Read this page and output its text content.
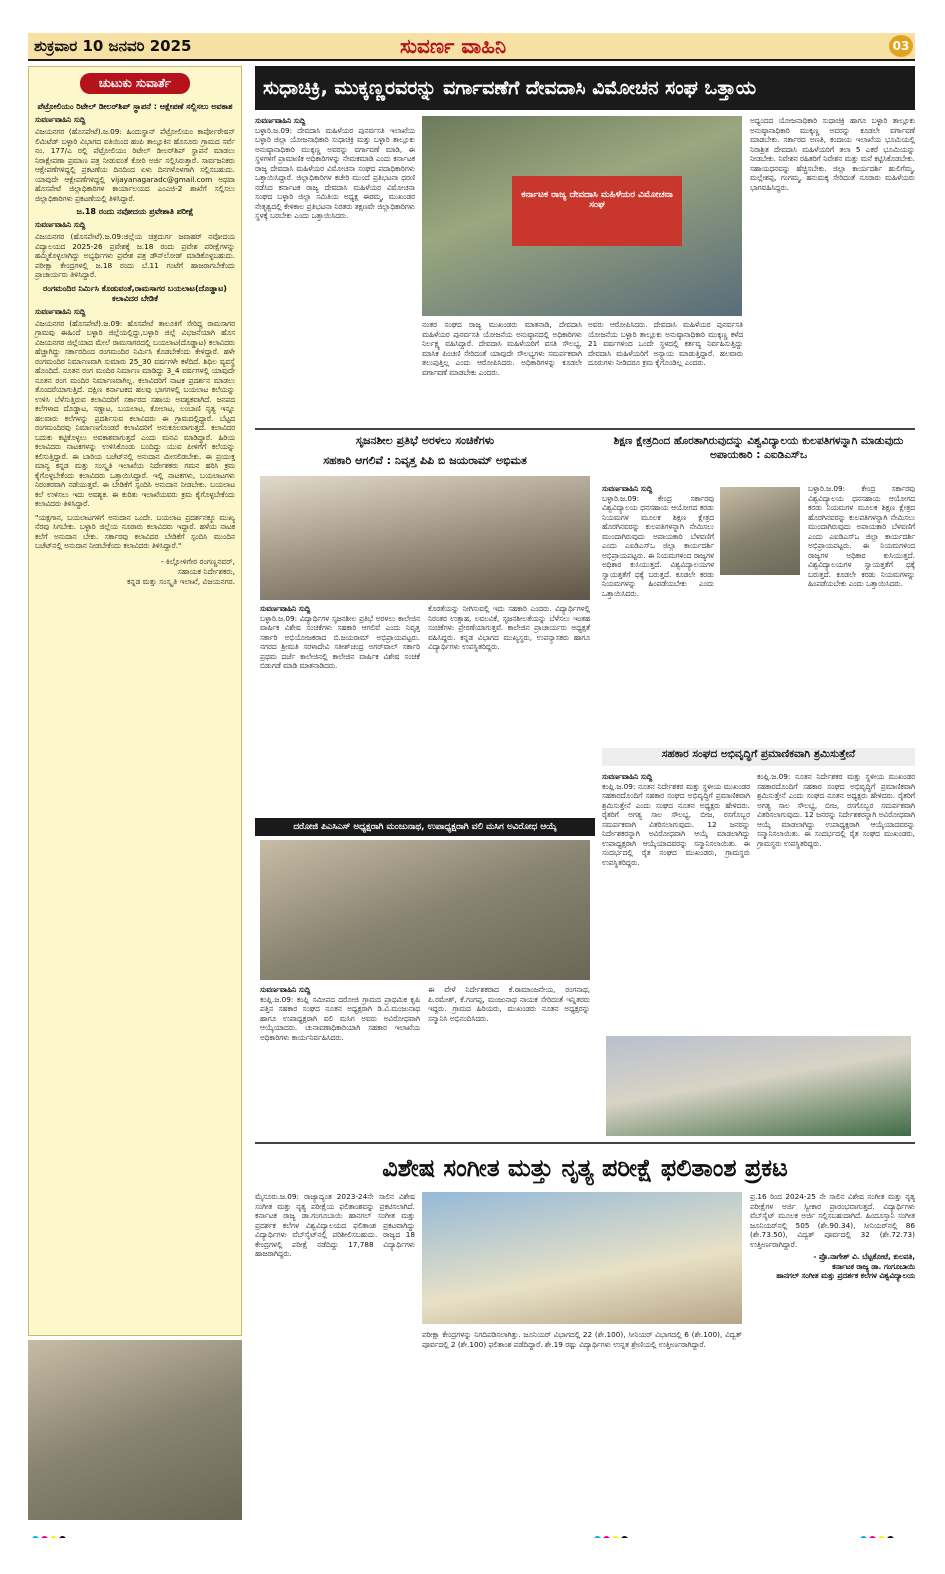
ಶುಕ್ರವಾರ 10 ಜನವರಿ 2025	ಸುವರ್ಣ ವಾಹಿನಿ	03
ಚುಟುಕು ಸುವಾರ್ತೆ
ಪೆಟ್ರೋಲಿಯಂ ರಿಟೇಲ್ ಡೀಲರ್‌ಶಿಪ್ ಸ್ಥಾಪನೆ : ಆಕ್ಷೇಪಣೆ ಸಲ್ಲಿಸಲು ಅವಕಾಶ
ಸುವರ್ಣವಾಹಿನಿ ಸುದ್ದಿ

ವಿಜಯನಗರ (ಹೊಸಪೇಟೆ).ಜ.09: ಹಿಂದುಸ್ಥಾನ್ ಪೆಟ್ರೋಲಿಯಂ ಕಾರ್ಪೋರೇಷನ್ ಲಿಮಿಟೆಡ್ ಬಳ್ಳಾರಿ ವಿಭಾಗದ ವತಿಯಿಂದ ಹಂಪಿ ತಾಲ್ಲೂಕಿನ ಹೊಸೂರು ಗ್ರಾಮದ ಸರ್ವೆ ನಂ. 177/ಎ ರಲ್ಲಿ ಪೆಟ್ರೋಲಿಯಂ ರಿಟೇಲ್ ಡೀಲರ್‌ಶಿಪ್ ಸ್ಥಾಪನೆ ಮಾಡಲು ನಿರಾಕ್ಷೇಪಣಾ ಪ್ರಮಾಣ ಪತ್ರ ನೀಡುವಂತೆ ಕೋರಿ ಅರ್ಜಿ ಸಲ್ಲಿಸಿರುತ್ತಾರೆ. ಸಾರ್ವಜನಿಕರು ಆಕ್ಷೇಪಣೆಗಳಿದ್ದಲ್ಲಿ ಪ್ರಕಟಣೆಯ ದಿನದಿಂದ ಏಳು ದಿನಗಳೊಳಗಾಗಿ ಸಲ್ಲಿಸಬಹುದು. ಯಾವುದೇ ಆಕ್ಷೇಪಣೆಗಳಿದ್ದಲ್ಲಿ vijayanagaradc@gmail.com ಅಥವಾ ಹೊಸಪೇಟೆ ಜಿಲ್ಲಾಧಿಕಾರಿಗಳ ಕಾರ್ಯಾಲಯದ ಎಂಎಜಿ-2 ಶಾಖೆಗೆ ಸಲ್ಲಿಸಲು ಜಿಲ್ಲಾಧಿಕಾರಿಗಳು ಪ್ರಕಟಣೆಯಲ್ಲಿ ತಿಳಿಸಿದ್ದಾರೆ.

ಜ.18 ರಂದು ನವೋದಯ ಪ್ರವೇಶಾತಿ ಪರೀಕ್ಷೆ
ಸುವರ್ಣವಾಹಿನಿ ಸುದ್ದಿ

ವಿಜಯನಗರ (ಹೊಸಪೇಟೆ).ಜ.09:ಜಿಲ್ಲೆಯ ಚಿತ್ರದುರ್ಗ ಜವಾಹರ್ ನವೋದಯ ವಿದ್ಯಾಲಯದ 2025-26 ಪ್ರವೇಶಕ್ಕೆ ಜ.18 ರಂದು ಪ್ರವೇಶ ಪರೀಕ್ಷೆಗಳನ್ನು ಹಮ್ಮಿಕೊಳ್ಳಲಾಗಿದ್ದು ಅಭ್ಯರ್ಥಿಗಳು ಪ್ರವೇಶ ಪತ್ರ ಡೌನ್‌ಲೋಡ್ ಮಾಡಿಕೊಳ್ಳಬಹುದು. ಪರೀಕ್ಷಾ ಕೇಂದ್ರಗಳಲ್ಲಿ ಜ.18 ರಂದು ಬೆ.11 ಗಂಟೆಗೆ ಹಾಜರಾಗಬೇಕೆಂದು ಪ್ರಾಚಾರ್ಯರು ತಿಳಿಸಿದ್ದಾರೆ.

ರಂಗಮಂದಿರ ನಿರ್ಮಿಸಿ ಕೊಡುವಂತೆ,ರಾಮಸಾಗರ ಬಯಲಾಟ(ದೊಡ್ಡಾಟ) ಕಲಾವಿದರ ಬೇಡಿಕೆ
ಸುವರ್ಣವಾಹಿನಿ ಸುದ್ದಿ

ವಿಜಯನಗರ (ಹೊಸಪೇಟೆ).ಜ.09: ಹೊಸಪೇಟೆ ತಾಲೂಕಿಗೆ ಸೇರಿದ್ದ ರಾಮಸಾಗರ ಗ್ರಾಮವು ಈಹಿಂದೆ ಬಳ್ಳಾರಿ ಜಿಲ್ಲೆಯಲ್ಲಿದ್ದು,ಬಳ್ಳಾರಿ ಜಿಲ್ಲೆ ವಿಭಜನೆಯಾಗಿ ಹೊಸ ವಿಜಯನಗರ ಜಿಲ್ಲೆಯಾದ ಮೇಲೆ ರಾಮಸಾಗರದಲ್ಲಿ ಬಯಲಾಟ(ದೊಡ್ಡಾಟ) ಕಲಾವಿದರು ಹೆಚ್ಚಾಗಿದ್ದು ಸರ್ಕಾರದಿಂದ ರಂಗಮಂದಿರ ನಿರ್ಮಿಸಿ ಕೊಡಬೇಕೆಂದು ಕೇಳಿದ್ದಾರೆ. ಹಳೇ ರಂಗಮಂದಿರ ನಿರ್ಮಾಣವಾಗಿ ಸುಮಾರು 25_30 ವರ್ಷಗಳೇ ಕಳೆದಿದೆ. ಶಿಥಿಲ ವ್ಯವಸ್ಥೆ ಹೊಂದಿದೆ. ನೂತನ ರಂಗ ಮಂದಿರ ನಿರ್ಮಾಣ ಮಾಡಿದ್ದು 3_4 ವರ್ಷಗಳಲ್ಲಿ ಯಾವುದೇ ನೂತನ ರಂಗ ಮಂದಿರ ನಿರ್ಮಾಣವಾಗಿಲ್ಲ. ಕಲಾವಿದರಿಗೆ ನಾಟಕ ಪ್ರದರ್ಶನ ಮಾಡಲು ತೊಂದರೆಯಾಗುತ್ತಿದೆ. ದಕ್ಷಿಣ ಕರ್ನಾಟಕದ ಹಲವು ಭಾಗಗಳಲ್ಲಿ ಬಯಲಾಟ ಕಲೆಯನ್ನು ಉಳಿಸಿ ಬೆಳೆಸುತ್ತಿರುವ ಕಲಾವಿದರಿಗೆ ಸರ್ಕಾರದ ಸಹಾಯ ಅವಶ್ಯಕವಾಗಿದೆ. ಜನಪದ ಕಲೆಗಳಾದ ದೊಡ್ಡಾಟ, ಸಣ್ಣಾಟ, ಬಯಲಾಟ, ಕೋಲಾಟ, ಲಂಬಾಣಿ ನೃತ್ಯ ಇನ್ನೂ ಹಲವಾರು ಕಲೆಗಳನ್ನು ಪ್ರದರ್ಶಿಸುವ ಕಲಾವಿದರು ಈ ಗ್ರಾಮದಲ್ಲಿದ್ದಾರೆ. ಬೆಟ್ಟದ ರಂಗಮಂದಿರವು ನಿರ್ಮಾಣಗೊಂಡರೆ ಕಲಾವಿದರಿಗೆ ಅನುಕೂಲವಾಗುತ್ತದೆ. ಕಲಾವಿದರ ಬದುಕು ಕಟ್ಟಿಕೊಳ್ಳಲು ಅವಕಾಶವಾಗುತ್ತದೆ ಎಂದು ಮನವಿ ಮಾಡಿದ್ದಾರೆ. ಹಿರಿಯ ಕಲಾವಿದರು ನಾಟಕಗಳನ್ನು ಉಳಿಸಿಕೊಂಡು ಬಂದಿದ್ದು ಯುವ ಪೀಳಿಗೆಗೆ ಕಲೆಯನ್ನು ಕಲಿಸುತ್ತಿದ್ದಾರೆ. ಈ ಬಾರಿಯ ಬಜೆಟ್‌ನಲ್ಲಿ ಅನುದಾನ ಮೀಸಲಿಡಬೇಕು. ಈ ಪ್ರಯುಕ್ತ ಮಾನ್ಯ ಕನ್ನಡ ಮತ್ತು ಸಂಸ್ಕೃತಿ ಇಲಾಖೆಯ ನಿರ್ದೇಶಕರು ಗಮನ ಹರಿಸಿ ಕ್ರಮ ಕೈಗೊಳ್ಳಬೇಕೆಂದು ಕಲಾವಿದರು ಒತ್ತಾಯಿಸಿದ್ದಾರೆ. ಇಲ್ಲಿ ನಾಟಕಗಳು, ಬಯಲಾಟಗಳು ನಿರಂತರವಾಗಿ ನಡೆಯುತ್ತವೆ. ಈ ಬೇಡಿಕೆಗೆ ಸ್ಪಂದಿಸಿ ಅನುದಾನ ನೀಡಬೇಕು. ಬಯಲಾಟ ಕಲೆ ಉಳಿಸಲು ಇದು ಅವಶ್ಯಕ. ಈ ಕುರಿತು ಇಲಾಖೆಯವರು ಕ್ರಮ ಕೈಗೊಳ್ಳಬೇಕೆಂದು ಕಲಾವಿದರು ತಿಳಿಸಿದ್ದಾರೆ.

"ಯಕ್ಷಗಾನ, ಬಯಲಾಟಗಳಿಗೆ ಅನುದಾನ ಒಂದೇ. ಬಯಲಾಟ ಪ್ರದರ್ಶನಕ್ಕೂ ಮುಖ್ಯ ನೆರವು ಸಿಗಬೇಕು. ಬಳ್ಳಾರಿ ಜಿಲ್ಲೆಯ ನೂರಾರು ಕಲಾವಿದರು ಇದ್ದಾರೆ. ಹಳೆಯ ನಾಟಕ ಕಲೆಗೆ ಅನುದಾನ ಬೇಕು. ಸರ್ಕಾರವು ಕಲಾವಿದರ ಬೇಡಿಕೆಗೆ ಸ್ಪಂದಿಸಿ ಮುಂದಿನ ಬಜೆಟ್‌ನಲ್ಲಿ ಅನುದಾನ ನೀಡಬೇಕೆಂದು ಕಲಾವಿದರು ತಿಳಿಸಿದ್ದಾರೆ."

- ಕಿಲ್ಲೋಳಿಗೇರ ರಂಗಣ್ಣನವರ್,
ಸಹಾಯಕ ನಿರ್ದೇಶಕರು,
ಕನ್ನಡ ಮತ್ತು ಸಂಸ್ಕೃತಿ ಇಲಾಖೆ, ವಿಜಯನಗರ.
ಸುಧಾಚಿಕ್ರಿ, ಮುಕ್ಕಣ್ಣರವರನ್ನು ವರ್ಗಾವಣೆಗೆ ದೇವದಾಸಿ ವಿಮೋಚನ ಸಂಘ ಒತ್ತಾಯ
ಸುವರ್ಣವಾಹಿನಿ ಸುದ್ದಿ
ಬಳ್ಳಾರಿ.ಜ.09: ದೇವದಾಸಿ ಮಹಿಳೆಯರ ಪುನರ್ವಸತಿ ಇಲಾಖೆಯ ಬಳ್ಳಾರಿ ಜಿಲ್ಲಾ ಯೋಜನಾಧಿಕಾರಿ ಸುಧಾಚಿಕ್ರಿ ಮತ್ತು ಬಳ್ಳಾರಿ ತಾಲ್ಲೂಕು ಅನುಷ್ಠಾನಾಧಿಕಾರಿ ಮುಕ್ಕಣ್ಣ ಅವರನ್ನು ವರ್ಗಾವಣೆ ಮಾಡಿ, ಈ ಸ್ಥಳಗಳಿಗೆ ಪ್ರಾಮಾಣಿಕ ಅಧಿಕಾರಿಗಳನ್ನು ನೇಮಕಮಾಡಿ ಎಂದು ಕರ್ನಾಟಕ ರಾಜ್ಯ ದೇವದಾಸಿ ಮಹಿಳೆಯರ ವಿಮೋಚನಾ ಸಂಘದ ಪದಾಧಿಕಾರಿಗಳು ಒತ್ತಾಯಿಸಿದ್ದಾರೆ. ಜಿಲ್ಲಾಧಿಕಾರಿಗಳ ಕಚೇರಿ ಮುಂದೆ ಪ್ರತಿಭಟನಾ ಧರಣಿ ನಡೆಸಿದ ಕರ್ನಾಟಕ ರಾಜ್ಯ ದೇವದಾಸಿ ಮಹಿಳೆಯರ ವಿಮೋಚನಾ ಸಂಘದ ಬಳ್ಳಾರಿ ಜಿಲ್ಲಾ ಸಮಿತಿಯ ಅಧ್ಯಕ್ಷ ಈರಮ್ಮ, ಮುಖಂಡರ ನೇತೃತ್ವದಲ್ಲಿ ಕೇಳಿಕಾಲ ಪ್ರತಿಭಟನಾ ನಿರತರು ತಕ್ಷಣವೇ ಜಿಲ್ಲಾಧಿಕಾರಿಗಳು ಸ್ಥಳಕ್ಕೆ ಬರಬೇಕು ಎಂದು ಒತ್ತಾಯಿಸಿದರು.
ಕರ್ನಾಟಕ ರಾಜ್ಯ ದೇವದಾಸಿ ಮಹಿಳೆಯರ ವಿಮೋಚನಾ ಸಂಘ
ನಂತರ ಸಂಘದ ರಾಜ್ಯ ಮುಖಂಡರು ಮಾತನಾಡಿ, ದೇವದಾಸಿ ಮಹಿಳೆಯರ ಪುನರ್ವಸತಿ ಯೋಜನೆಯ ಅನುಷ್ಠಾನದಲ್ಲಿ ಅಧಿಕಾರಿಗಳು ನಿರ್ಲಕ್ಷ್ಯ ವಹಿಸಿದ್ದಾರೆ. ದೇವದಾಸಿ ಮಹಿಳೆಯರಿಗೆ ವಸತಿ ಸೌಲಭ್ಯ, ಮಾಸಿಕ ಪಿಂಚಣಿ ಸೇರಿದಂತೆ ಯಾವುದೇ ಸೌಲಭ್ಯಗಳು ಸಮರ್ಪಕವಾಗಿ ತಲುಪುತ್ತಿಲ್ಲ ಎಂದು ಆರೋಪಿಸಿದರು. ಅಧಿಕಾರಿಗಳನ್ನು ಕೂಡಲೇ ವರ್ಗಾವಣೆ ಮಾಡಬೇಕು ಎಂದರು.
ಅವರು ಆರೋಪಿಸಿದರು. ದೇವದಾಸಿ ಮಹಿಳೆಯರ ಪುನರ್ವಸತಿ ಯೋಜನೆಯ ಬಳ್ಳಾರಿ ತಾಲ್ಲೂಕು ಅನುಷ್ಠಾನಾಧಿಕಾರಿ ಮುಕ್ಕಣ್ಣ ಕಳೆದ 21 ವರ್ಷಗಳಿಂದ ಒಂದೇ ಸ್ಥಳದಲ್ಲಿ ಕರ್ತವ್ಯ ನಿರ್ವಹಿಸುತ್ತಿದ್ದು ದೇವದಾಸಿ ಮಹಿಳೆಯರಿಗೆ ಅನ್ಯಾಯ ಮಾಡುತ್ತಿದ್ದಾರೆ. ಹಲವಾರು ದೂರುಗಳು ನೀಡಿದರೂ ಕ್ರಮ ಕೈಗೊಂಡಿಲ್ಲ ಎಂದರು.
ಅಧ್ಯಂದದ ಯೋಜನಾಧಿಕಾರಿ ಸುಧಾಚಿಕ್ರಿ ಹಾಗೂ ಬಳ್ಳಾರಿ ತಾಲ್ಲೂಕು ಅನುಷ್ಠಾನಾಧಿಕಾರಿ ಮುಕ್ಕಣ್ಣ ಅವರನ್ನು ಕೂಡಲೇ ವರ್ಗಾವಣೆ ಮಾಡಬೇಕು. ಸರ್ಕಾರದ ಅಣತಿ, ಕಂದಾಯ ಇಲಾಖೆಯ ಭೂಮಿಯಲ್ಲಿ ನಿರಾಶ್ರಿತ ದೇವದಾಸಿ ಮಹಿಳೆಯರಿಗೆ ತಲಾ 5 ಎಕರೆ ಭೂಮಿಯನ್ನು ನೀಡಬೇಕು. ನಿವೇಶನ ರಹಿತರಿಗೆ ನಿವೇಶನ ಮತ್ತು ಮನೆ ಕಟ್ಟಿಸಿಕೊಡಬೇಕು. ಸಹಾಯಧನವನ್ನು ಹೆಚ್ಚಿಸಬೇಕು. ಜಿಲ್ಲಾ ಕಾರ್ಯದರ್ಶಿ ಹುಲಿಗೆಮ್ಮ, ಮಲ್ಲೇಶಪ್ಪ, ಗಂಗಮ್ಮ, ಹನುಮಕ್ಕ ಸೇರಿದಂತೆ ನೂರಾರು ಮಹಿಳೆಯರು ಭಾಗವಹಿಸಿದ್ದರು.
ಸೃಜನಶೀಲ ಪ್ರತಿಭೆ ಅರಳಲು ಸಂಚಿಕೆಗಳು
ಸಹಕಾರಿ ಆಗಲಿವೆ : ನಿವೃತ್ತ ಪಿಪಿ ಬಿ ಜಯರಾಮ್ ಅಭಿಮತ
ಸುವರ್ಣವಾಹಿನಿ ಸುದ್ದಿ
ಬಳ್ಳಾರಿ.ಜ.09: ವಿದ್ಯಾರ್ಥಿಗಳ ಸೃಜನಶೀಲ ಪ್ರತಿಭೆ ಅರಳಲು ಕಾಲೇಜಿನ ವಾರ್ಷಿಕ ವಿಶೇಷ ಸಂಚಿಕೆಗಳು ಸಹಕಾರಿ ಆಗಲಿವೆ ಎಂದು ನಿವೃತ್ತ ಸರ್ಕಾರಿ ಅಭಿಯೋಜಕರಾದ ಬಿ.ಜಯರಾಮ್ ಅಭಿಪ್ರಾಯಪಟ್ಟರು. ನಗರದ ಶ್ರೀಮತಿ ಸರಳಾದೇವಿ ಸತೀಶ್‌ಚಂದ್ರ ಅಗರ್‌ವಾಲ್ ಸರ್ಕಾರಿ ಪ್ರಥಮ ದರ್ಜೆ ಕಾಲೇಜಿನಲ್ಲಿ ಕಾಲೇಜಿನ ವಾರ್ಷಿಕ ವಿಶೇಷ ಸಂಚಿಕೆ ಬಿಡುಗಡೆ ಮಾಡಿ ಮಾತನಾಡಿದರು.
ಕೊರತೆಯನ್ನು ನೀಗಿಸುವಲ್ಲಿ ಇದು ಸಹಕಾರಿ ಎಂದರು. ವಿದ್ಯಾರ್ಥಿಗಳಲ್ಲಿ ನಿರಂತರ ಉತ್ಸಾಹ, ಲವಲವಿಕೆ, ಸೃಜನಶೀಲತೆಯನ್ನು ಬೆಳೆಸಲು ಇಂತಹ ಸಂಚಿಕೆಗಳು ಪ್ರೇರಣೆಯಾಗುತ್ತವೆ. ಕಾಲೇಜಿನ ಪ್ರಾಚಾರ್ಯರು ಅಧ್ಯಕ್ಷತೆ ವಹಿಸಿದ್ದರು. ಕನ್ನಡ ವಿಭಾಗದ ಮುಖ್ಯಸ್ಥರು, ಉಪನ್ಯಾಸಕರು ಹಾಗೂ ವಿದ್ಯಾರ್ಥಿಗಳು ಉಪಸ್ಥಿತರಿದ್ದರು.
ಶಿಕ್ಷಣ ಕ್ಷೇತ್ರದಿಂದ ಹೊರತಾಗಿರುವುದನ್ನು ವಿಶ್ವವಿದ್ಯಾಲಯ ಕುಲಪತಿಗಳನ್ನಾಗಿ ಮಾಡುವುದು ಅಪಾಯಕಾರಿ : ಎಐಡಿಎಸ್‌ಒ
ಸುವರ್ಣವಾಹಿನಿ ಸುದ್ದಿ
ಬಳ್ಳಾರಿ.ಜ.09: ಕೇಂದ್ರ ಸರ್ಕಾರವು ವಿಶ್ವವಿದ್ಯಾಲಯ ಧನಸಹಾಯ ಆಯೋಗದ ಕರಡು ನಿಯಮಗಳ ಮೂಲಕ ಶಿಕ್ಷಣ ಕ್ಷೇತ್ರದ ಹೊರಗಿನವರನ್ನು ಕುಲಪತಿಗಳನ್ನಾಗಿ ನೇಮಿಸಲು ಮುಂದಾಗಿರುವುದು ಅಪಾಯಕಾರಿ ಬೆಳವಣಿಗೆ ಎಂದು ಎಐಡಿಎಸ್‌ಒ ಜಿಲ್ಲಾ ಕಾರ್ಯದರ್ಶಿ ಅಭಿಪ್ರಾಯಪಟ್ಟರು. ಈ ನಿಯಮಗಳಿಂದ ರಾಜ್ಯಗಳ ಅಧಿಕಾರ ಕುಸಿಯುತ್ತದೆ. ವಿಶ್ವವಿದ್ಯಾಲಯಗಳ ಸ್ವಾಯತ್ತತೆಗೆ ಧಕ್ಕೆ ಬರುತ್ತದೆ. ಕೂಡಲೇ ಕರಡು ನಿಯಮಗಳನ್ನು ಹಿಂಪಡೆಯಬೇಕು ಎಂದು ಒತ್ತಾಯಿಸಿದರು.
ಬಳ್ಳಾರಿ.ಜ.09: ಕೇಂದ್ರ ಸರ್ಕಾರವು ವಿಶ್ವವಿದ್ಯಾಲಯ ಧನಸಹಾಯ ಆಯೋಗದ ಕರಡು ನಿಯಮಗಳ ಮೂಲಕ ಶಿಕ್ಷಣ ಕ್ಷೇತ್ರದ ಹೊರಗಿನವರನ್ನು ಕುಲಪತಿಗಳನ್ನಾಗಿ ನೇಮಿಸಲು ಮುಂದಾಗಿರುವುದು ಅಪಾಯಕಾರಿ ಬೆಳವಣಿಗೆ ಎಂದು ಎಐಡಿಎಸ್‌ಒ ಜಿಲ್ಲಾ ಕಾರ್ಯದರ್ಶಿ ಅಭಿಪ್ರಾಯಪಟ್ಟರು. ಈ ನಿಯಮಗಳಿಂದ ರಾಜ್ಯಗಳ ಅಧಿಕಾರ ಕುಸಿಯುತ್ತದೆ. ವಿಶ್ವವಿದ್ಯಾಲಯಗಳ ಸ್ವಾಯತ್ತತೆಗೆ ಧಕ್ಕೆ ಬರುತ್ತದೆ. ಕೂಡಲೇ ಕರಡು ನಿಯಮಗಳನ್ನು ಹಿಂಪಡೆಯಬೇಕು ಎಂದು ಒತ್ತಾಯಿಸಿದರು.
ಸಹಕಾರ ಸಂಘದ ಅಭಿವೃದ್ಧಿಗೆ ಪ್ರಮಾಣಿಕವಾಗಿ ಶ್ರಮಿಸುತ್ತೇನೆ
ಸುವರ್ಣವಾಹಿನಿ ಸುದ್ದಿ
ಕಂಪ್ಲಿ.ಜ.09: ನೂತನ ನಿರ್ದೇಶಕರ ಮತ್ತು ಸ್ಥಳೀಯ ಮುಖಂಡರ ಸಹಕಾರದೊಂದಿಗೆ ಸಹಕಾರ ಸಂಘದ ಅಭಿವೃದ್ಧಿಗೆ ಪ್ರಮಾಣಿಕವಾಗಿ ಶ್ರಮಿಸುತ್ತೇನೆ ಎಂದು ಸಂಘದ ನೂತನ ಅಧ್ಯಕ್ಷರು ಹೇಳಿದರು. ರೈತರಿಗೆ ಅಗತ್ಯ ಸಾಲ ಸೌಲಭ್ಯ, ಬೀಜ, ರಸಗೊಬ್ಬರ ಸಮರ್ಪಕವಾಗಿ ವಿತರಿಸಲಾಗುವುದು. 12 ಜನರನ್ನು ನಿರ್ದೇಶಕರನ್ನಾಗಿ ಅವಿರೋಧವಾಗಿ ಆಯ್ಕೆ ಮಾಡಲಾಗಿದ್ದು ಉಪಾಧ್ಯಕ್ಷರಾಗಿ ಆಯ್ಕೆಯಾದವರನ್ನು ಸನ್ಮಾನಿಸಲಾಯಿತು. ಈ ಸಂದರ್ಭದಲ್ಲಿ ರೈತ ಸಂಘದ ಮುಖಂಡರು, ಗ್ರಾಮಸ್ಥರು ಉಪಸ್ಥಿತರಿದ್ದರು.
ಕಂಪ್ಲಿ.ಜ.09: ನೂತನ ನಿರ್ದೇಶಕರ ಮತ್ತು ಸ್ಥಳೀಯ ಮುಖಂಡರ ಸಹಕಾರದೊಂದಿಗೆ ಸಹಕಾರ ಸಂಘದ ಅಭಿವೃದ್ಧಿಗೆ ಪ್ರಮಾಣಿಕವಾಗಿ ಶ್ರಮಿಸುತ್ತೇನೆ ಎಂದು ಸಂಘದ ನೂತನ ಅಧ್ಯಕ್ಷರು ಹೇಳಿದರು. ರೈತರಿಗೆ ಅಗತ್ಯ ಸಾಲ ಸೌಲಭ್ಯ, ಬೀಜ, ರಸಗೊಬ್ಬರ ಸಮರ್ಪಕವಾಗಿ ವಿತರಿಸಲಾಗುವುದು. 12 ಜನರನ್ನು ನಿರ್ದೇಶಕರನ್ನಾಗಿ ಅವಿರೋಧವಾಗಿ ಆಯ್ಕೆ ಮಾಡಲಾಗಿದ್ದು ಉಪಾಧ್ಯಕ್ಷರಾಗಿ ಆಯ್ಕೆಯಾದವರನ್ನು ಸನ್ಮಾನಿಸಲಾಯಿತು. ಈ ಸಂದರ್ಭದಲ್ಲಿ ರೈತ ಸಂಘದ ಮುಖಂಡರು, ಗ್ರಾಮಸ್ಥರು ಉಪಸ್ಥಿತರಿದ್ದರು.
ದರೋಜಿ ಪಿಎಸಿಎಸ್ ಅಧ್ಯಕ್ಷರಾಗಿ ಮಂಜುನಾಥ, ಉಪಾಧ್ಯಕ್ಷರಾಗಿ ವಲಿ ಮಸಿಗ ಅವಿರೋಧ ಆಯ್ಕೆ
ಸುವರ್ಣವಾಹಿನಿ ಸುದ್ದಿ
ಕಂಪ್ಲಿ.ಜ.09: ಕಂಪ್ಲಿ ಸಮೀಪದ ದರೋಜಿ ಗ್ರಾಮದ ಪ್ರಾಥಮಿಕ ಕೃಷಿ ಪತ್ತಿನ ಸಹಕಾರ ಸಂಘದ ನೂತನ ಅಧ್ಯಕ್ಷರಾಗಿ ಡಿ.ವಿ.ಮಂಜುನಾಥ ಹಾಗೂ ಉಪಾಧ್ಯಕ್ಷರಾಗಿ ವಲಿ ಮಸಿಗ ಅವರು ಅವಿರೋಧವಾಗಿ ಆಯ್ಕೆಯಾದರು. ಚುನಾವಣಾಧಿಕಾರಿಯಾಗಿ ಸಹಕಾರ ಇಲಾಖೆಯ ಅಧಿಕಾರಿಗಳು ಕಾರ್ಯನಿರ್ವಹಿಸಿದರು.
ಈ ವೇಳೆ ನಿರ್ದೇಶಕರಾದ ಕೆ.ರಾಮಾಂಜನೇಯ, ರಂಗನಾಥ, ಪಿ.ರಮೇಶ್, ಕೆ.ಗಂಗಪ್ಪ, ಮಂಜುನಾಥ ನಾಯಕ ಸೇರಿದಂತೆ ಇನ್ನಿತರರು ಇದ್ದರು. ಗ್ರಾಮದ ಹಿರಿಯರು, ಮುಖಂಡರು ನೂತನ ಅಧ್ಯಕ್ಷರನ್ನು ಸನ್ಮಾನಿಸಿ ಅಭಿನಂದಿಸಿದರು.
ವಿಶೇಷ ಸಂಗೀತ ಮತ್ತು ನೃತ್ಯ ಪರೀಕ್ಷೆ ಫಲಿತಾಂಶ ಪ್ರಕಟ
ಮೈಸೂರು.ಜ.09: ರಾಜ್ಯಾದ್ಯಂತ 2023-24ನೇ ಸಾಲಿನ ವಿಶೇಷ ಸಂಗೀತ ಮತ್ತು ನೃತ್ಯ ಪರೀಕ್ಷೆಯ ಫಲಿತಾಂಶವನ್ನು ಪ್ರಕಟಿಸಲಾಗಿದೆ. ಕರ್ನಾಟಕ ರಾಜ್ಯ ಡಾ.ಗಂಗೂಬಾಯಿ ಹಾನಗಲ್ ಸಂಗೀತ ಮತ್ತು ಪ್ರದರ್ಶಕ ಕಲೆಗಳ ವಿಶ್ವವಿದ್ಯಾಲಯದ ಫಲಿತಾಂಶ ಪ್ರಕಟವಾಗಿದ್ದು ವಿದ್ಯಾರ್ಥಿಗಳು ವೆಬ್‌ಸೈಟ್‌ನಲ್ಲಿ ಪರಿಶೀಲಿಸಬಹುದು. ರಾಜ್ಯದ 18 ಕೇಂದ್ರಗಳಲ್ಲಿ ಪರೀಕ್ಷೆ ನಡೆದಿದ್ದು 17,788 ವಿದ್ಯಾರ್ಥಿಗಳು ಹಾಜರಾಗಿದ್ದರು.
ಪರೀಕ್ಷಾ ಕೇಂದ್ರಗಳನ್ನು ನಿಗದಿಪಡಿಸಲಾಗಿತ್ತು. ಜೂನಿಯರ್ ವಿಭಾಗದಲ್ಲಿ 22 (ಶೇ.100), ಸೀನಿಯರ್ ವಿಭಾಗದಲ್ಲಿ 6 (ಶೇ.100), ವಿದ್ವತ್ ಪೂರ್ವದಲ್ಲಿ 2 (ಶೇ.100) ಫಲಿತಾಂಶ ಪಡೆದಿದ್ದಾರೆ. ಶೇ.19 ರಷ್ಟು ವಿದ್ಯಾರ್ಥಿಗಳು ಉನ್ನತ ಶ್ರೇಣಿಯಲ್ಲಿ ಉತ್ತೀರ್ಣರಾಗಿದ್ದಾರೆ.
ಪ್ರ.16 ರಿಂದ 2024-25 ನೇ ಸಾಲಿನ ವಿಶೇಷ ಸಂಗೀತ ಮತ್ತು ನೃತ್ಯ ಪರೀಕ್ಷೆಗಳ ಅರ್ಜಿ ಸ್ವೀಕಾರ ಪ್ರಾರಂಭವಾಗುತ್ತದೆ. ವಿದ್ಯಾರ್ಥಿಗಳು ವೆಬ್‌ಸೈಟ್ ಮೂಲಕ ಅರ್ಜಿ ಸಲ್ಲಿಸಬಹುದಾಗಿದೆ. ಹಿಂದೂಸ್ತಾನಿ ಸಂಗೀತ ಜೂನಿಯರ್‌ನಲ್ಲಿ 505 (ಶೇ.90.34), ಸೀನಿಯರ್‌ನಲ್ಲಿ 86 (ಶೇ.73.50), ವಿದ್ವತ್ ಪೂರ್ವದಲ್ಲಿ 32 (ಶೇ.72.73) ಉತ್ತೀರ್ಣರಾಗಿದ್ದಾರೆ.
- ಪ್ರೊ.ನಾಗೇಶ್ ವಿ. ಬೆಟ್ಟಕೋಟೆ, ಕುಲಪತಿ,
ಕರ್ನಾಟಕ ರಾಜ್ಯ ಡಾ. ಗಂಗೂಬಾಯಿ
ಹಾನಗಲ್ ಸಂಗೀತ ಮತ್ತು ಪ್ರದರ್ಶಕ ಕಲೆಗಳ ವಿಶ್ವವಿದ್ಯಾಲಯ
